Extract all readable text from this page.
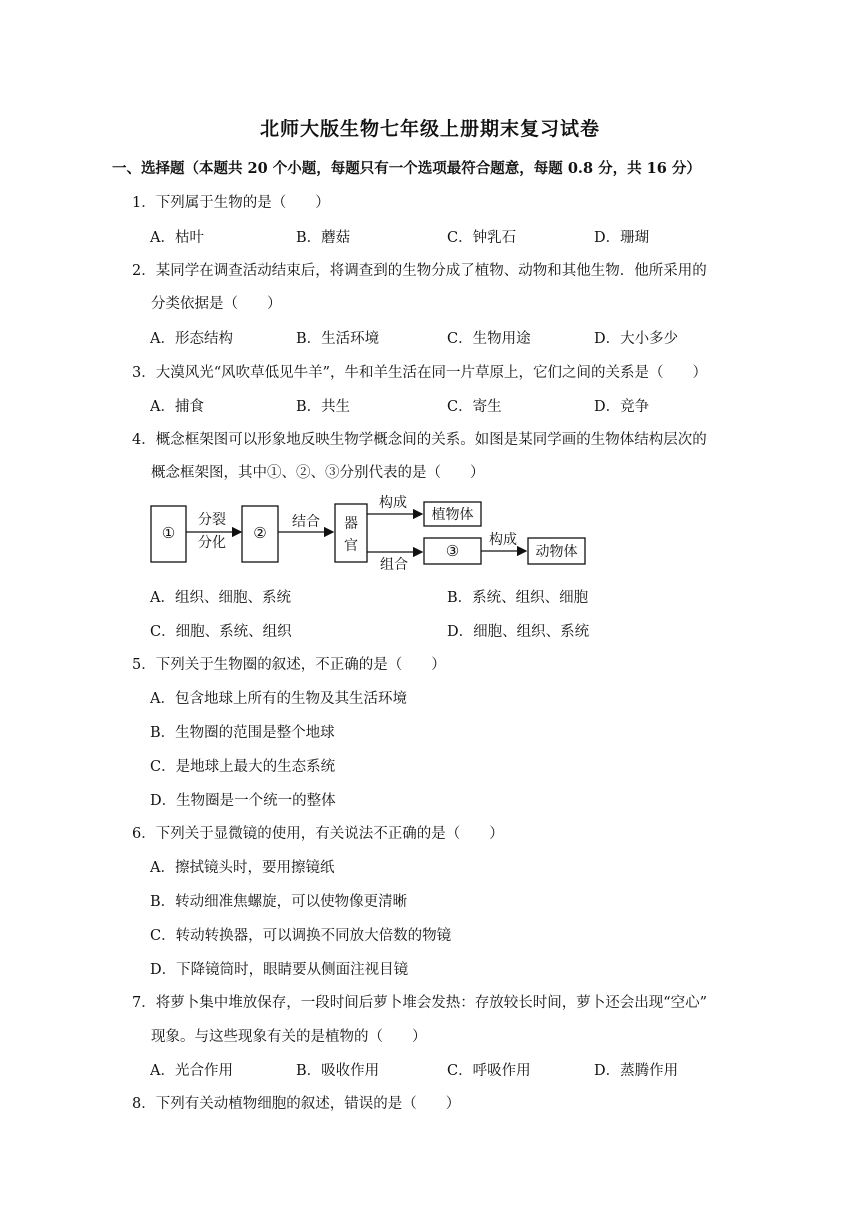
北师大版生物七年级上册期末复习试卷
一、选择题（本题共 20 个小题，每题只有一个选项最符合题意，每题 0.8 分，共 16 分）
1．下列属于生物的是（　　）
A．枯叶	B．蘑菇	C．钟乳石	D．珊瑚
2．某同学在调查活动结束后，将调查到的生物分成了植物、动物和其他生物．他所采用的
分类依据是（　　）
A．形态结构	B．生活环境	C．生物用途	D．大小多少
3．大漠风光“风吹草低见牛羊”，牛和羊生活在同一片草原上，它们之间的关系是（　　）
A．捕食	B．共生	C．寄生	D．竞争
4．概念框架图可以形象地反映生物学概念间的关系。如图是某同学画的生物体结构层次的
概念框架图，其中①、②、③分别代表的是（　　）
①
分裂
分化
②
结合 器
官
构成
植物体
组合
③
构成
动物体
A．组织、细胞、系统	B．系统、组织、细胞
C．细胞、系统、组织	D．细胞、组织、系统
5．下列关于生物圈的叙述，不正确的是（　　）
A．包含地球上所有的生物及其生活环境
B．生物圈的范围是整个地球
C．是地球上最大的生态系统
D．生物圈是一个统一的整体
6．下列关于显微镜的使用，有关说法不正确的是（　　）
A．擦拭镜头时，要用擦镜纸
B．转动细准焦螺旋，可以使物像更清晰
C．转动转换器，可以调换不同放大倍数的物镜
D．下降镜筒时，眼睛要从侧面注视目镜
7．将萝卜集中堆放保存，一段时间后萝卜堆会发热：存放较长时间，萝卜还会出现“空心”
现象。与这些现象有关的是植物的（　　）
A．光合作用	B．吸收作用	C．呼吸作用	D．蒸腾作用
8．下列有关动植物细胞的叙述，错误的是（　　）
